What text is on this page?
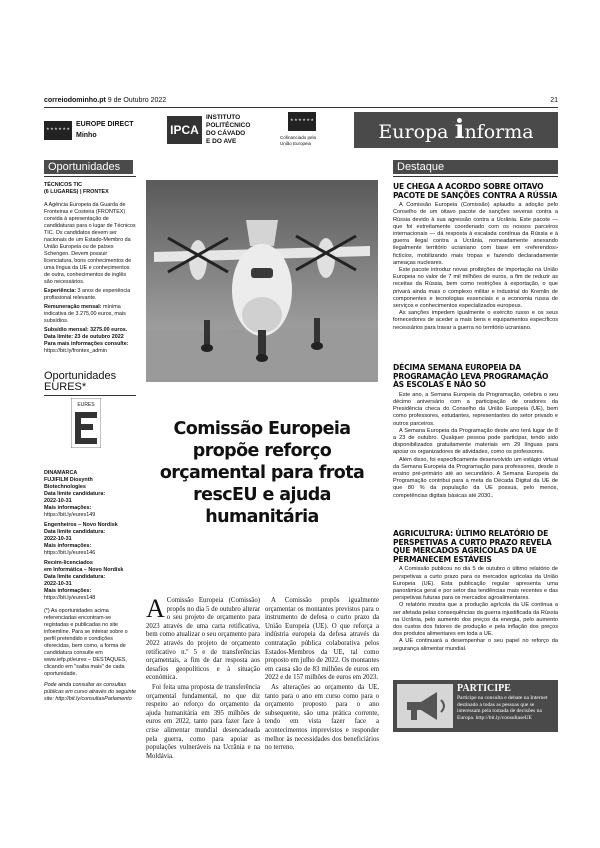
correiodominho.pt 9 de Outubro 2022	21
★★★★★★
EUROPE DIRECT
Minho	IPCA
INSTITUTO
POLITÉCNICO
DO CÁVADO
E DO AVE
★★★★★★
Cofinanciado pela
União Europeia
Europa informa
Oportunidades	Destaque
TÉCNICOS TIC
(6 LUGARES) | FRONTEX

A Agência Europeia da Guarda de Fronteiras e Costeira (FRONTEX) convida à apresentação de candidaturas para o lugar de Técnicos TIC. Os candidatos devem ser nacionais de um Estado-Membro da União Europeia ou de países Schengen. Devem possuir licenciatura, bons conhecimentos de uma língua da UE e conhecimentos de outra, conhecimentos de inglês são necessários.

Experiência: 3 anos de experiência profissional relevante.

Remuneração mensal: mínima indicativa de 3.275,00 euros, mais subsídios.

Subsídio mensal: 3275.00 euros.
Data limite: 23 de outubro 2022
Para mais informações consulte:
https://bit.ly/frontex_admin
Oportunidades
EURES*
EURES
DINAMARCA
FUJIFILM Diosynth
Biotechnologies
Data limite candidatura:
2022-10-31
Mais informações:
https://bit.ly/eures149
Engenheiros – Novo Nordisk
Data limite candidatura:
2022-10-31
Mais informações:
https://bit.ly/eures146
Recém-licenciados
em Informática – Novo Nordisk
Data limite candidatura:
2022-10-31
Mais informações:
https://bit.ly/eures148
(*) As oportunidades acima referenciadas encontram-se registadas e publicadas no site infoemline. Para se inteirar sobre o perfil pretendido e condições oferecidas, bem como, a forma de candidatura consulte em www.iefp.pt/eures – DESTAQUES, clicando em "saiba mais" de cada oportunidade.
Pode ainda consultar as consultas públicas em curso através do seguinte site: http://bit.ly/consultasParlamento
Comissão Europeia propõe reforço orçamental para frota rescEU e ajuda humanitária

A Comissão Europeia (Comissão) propôs no dia 5 de outubro alterar o seu projeto de orçamento para 2023 através de uma carta retificativa, bem como atualizar o seu orçamento para 2022 através do projeto de orçamento retificativo n.º 5 e de transferências orçamentais, a fim de dar resposta aos desafios geopolíticos e à situação económica.

Foi feita uma proposta de transferência orçamental fundamental, no que diz respeito ao reforço do orçamento da ajuda humanitária em 395 milhões de euros em 2022, tanto para fazer face à crise alimentar mundial desencadeada pela guerra, como para apoiar as populações vulneráveis na Ucrânia e na Moldávia.

A Comissão propôs igualmente orçamentar os montantes previstos para o instrumento de defesa o curto prazo da União Europeia (UE). O que reforça a indústria europeia da defesa através da contratação pública colaborativa pelos Estados-Membros da UE, tal como proposto em julho de 2022. Os montantes em causa são de 83 milhões de euros em 2022 e de 157 milhões de euros em 2023.

As alterações ao orçamento da UE, tanto para o ano em curso como para o orçamento proposto para o ano subsequente, são uma prática corrente, tendo em vista fazer face a acontecimentos imprevistos e responder melhor às necessidades dos beneficiários no terreno.

UE CHEGA A ACORDO SOBRE OITAVO PACOTE DE SANÇÕES CONTRA A RÚSSIA

A Comissão Europeia (Comissão) aplaudiu a adoção pelo Conselho de um oitavo pacote de sanções severas contra a Rússia devido à sua agressão contra a Ucrânia. Este pacote — que foi estreitamente coordenado com os nossos parceiros internacionais — dá resposta à escalada contínua da Rússia e à guerra ilegal contra a Ucrânia, nomeadamente anexando ilegalmente território ucraniano com base em «referendos» fictícios, mobilizando mais tropas e fazendo declaradamente ameaças nucleares.

Este pacote introduz novas proibições de importação na União Europeia no valor de 7 mil milhões de euros, a fim de reduzir as receitas da Rússia, bem como restrições à exportação, o que privará ainda mais o complexo militar e industrial do Kremlin de componentes e tecnologias essenciais e a economia russa de serviços e conhecimentos especializados europeus.

As sanções impedem igualmente o exército russo e os seus fornecedores de aceder a mais bens e equipamentos específicos necessários para travar a guerra no território ucraniano.

DÉCIMA SEMANA EUROPEIA DA PROGRAMAÇÃO LEVA PROGRAMAÇÃO ÀS ESCOLAS E NÃO SÓ

Este ano, a Semana Europeia da Programação, celebra o seu décimo aniversário com a participação de oradores da Presidência checa do Conselho da União Europeia (UE), bem como professores, estudantes, representantes do setor privado e outros parceiros.

A Semana Europeia da Programação deste ano terá lugar de 8 a 23 de outubro. Qualquer pessoa pode participar, tendo sido disponibilizados gratuitamente materiais em 29 línguas para apoiar os organizadores de atividades, como os professores.

Além disso, foi especificamente desenvolvido um estágio virtual da Semana Europeia da Programação para professores, desde o ensino pré-primário até ao secundário. A Semana Europeia da Programação contribui para a meta da Década Digital da UE de que 80 % da população da UE possua, pelo menos, competências digitais básicas até 2030..

AGRICULTURA: ÚLTIMO RELATÓRIO DE PERSPETIVAS A CURTO PRAZO REVELA QUE MERCADOS AGRÍCOLAS DA UE PERMANECEM ESTÁVEIS

A Comissão publicou no dia 5 de outubro o último relatório de perspetivas a curto prazo para os mercados agrícolas da União Europeia (UE). Esta publicação regular apresenta uma panorâmica geral e por setor das tendências mais recentes e das perspetivas futuras para os mercados agroalimentares.

O relatório mostra que a produção agrícola da UE continua a ser afetada pelas consequências da guerra injustificada da Rússia na Ucrânia, pelo aumento dos preços da energia, pelo aumento dos custos dos fatores de produção e pela inflação dos preços dos produtos alimentares em toda a UE.

A UE continuará a desempenhar o seu papel no reforço da segurança alimentar mundial.

PARTICIPE
Participe na consulta e debate na Internet destinado a todas as pessoas que se interessam pela tomada de decisões na Europa. http://bit.ly/consultaseUE
